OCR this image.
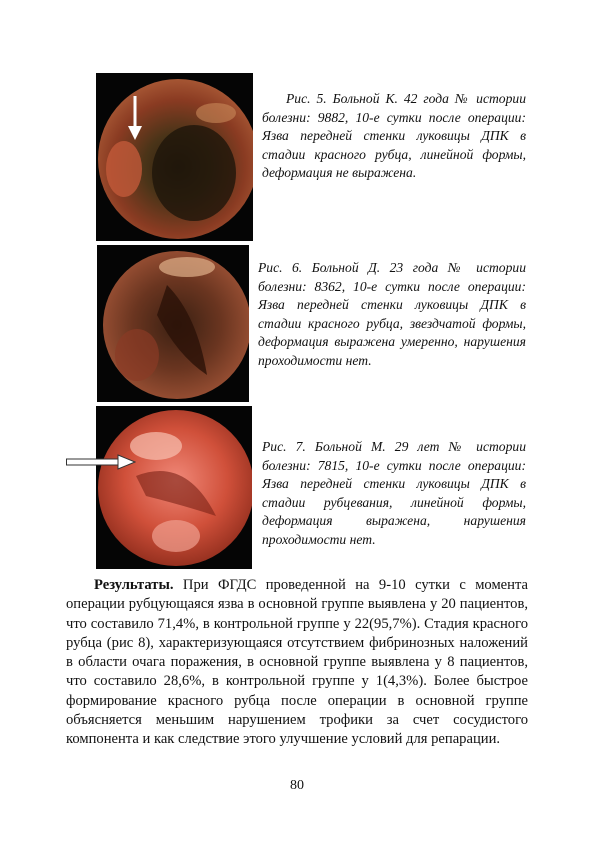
Рис. 5. Больной К. 42 года № истории болезни: 9882, 10-е сутки после операции: Язва передней стенки луковицы ДПК в стадии красного рубца, линейной формы, деформация не выражена.

Рис. 6. Больной Д. 23 года № истории болезни: 8362, 10-е сутки после операции: Язва передней стенки луковицы ДПК в стадии красного рубца, звездчатой формы, деформация выражена умеренно, нарушения проходимости нет.

Рис. 7. Больной М. 29 лет № истории болезни: 7815, 10-е сутки после операции: Язва передней стенки луковицы ДПК в стадии рубцевания, линейной формы, деформация выражена, нарушения проходимости нет.

Результаты. При ФГДС проведенной на 9-10 сутки с момента операции рубцующаяся язва в основной группе выявлена у 20 пациентов, что составило 71,4%, в контрольной группе у 22(95,7%). Стадия красного рубца (рис 8), характеризующаяся отсутствием фибринозных наложений в области очага поражения, в основной группе выявлена у 8 пациентов, что составило 28,6%, в контрольной группе у 1(4,3%). Более быстрое формирование красного рубца после операции в основной группе объясняется меньшим нарушением трофики за счет сосудистого компонента и как следствие этого улучшение условий для репарации.

80
